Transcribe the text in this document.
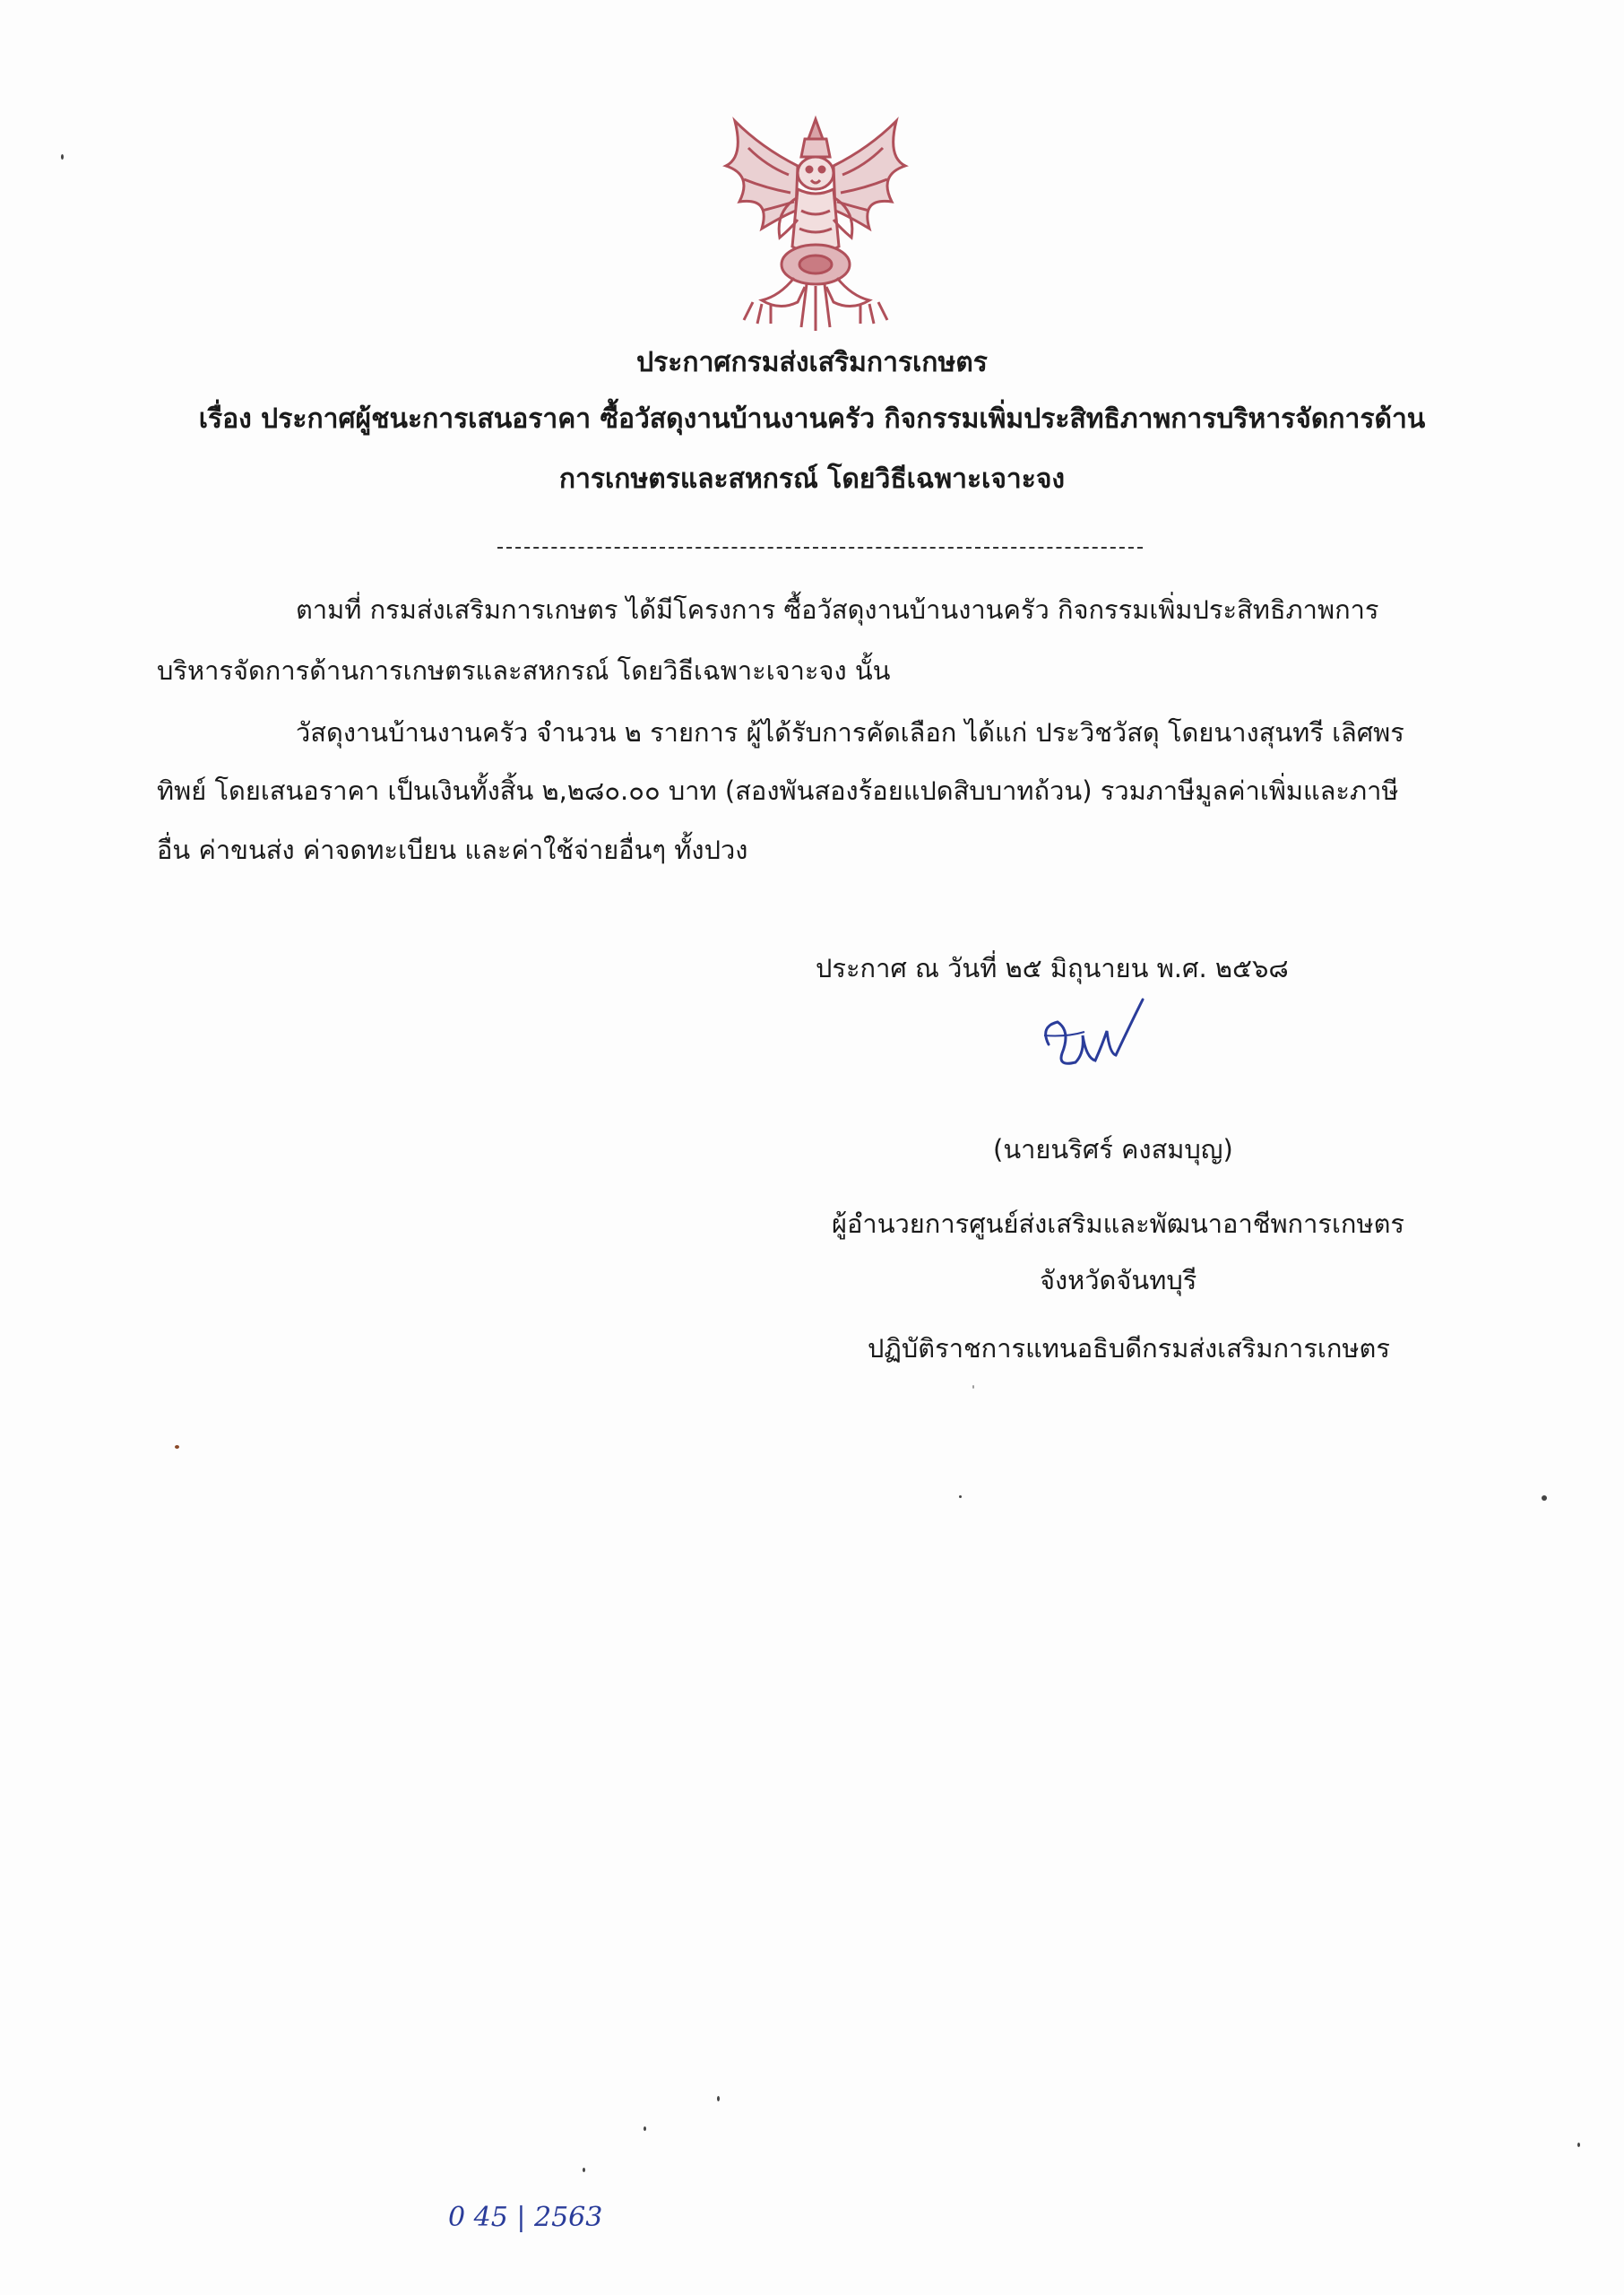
ประกาศกรมส่งเสริมการเกษตร
เรื่อง ประกาศผู้ชนะการเสนอราคา ซื้อวัสดุงานบ้านงานครัว กิจกรรมเพิ่มประสิทธิภาพการบริหารจัดการด้าน
การเกษตรและสหกรณ์ โดยวิธีเฉพาะเจาะจง
ตามที่ กรมส่งเสริมการเกษตร ได้มีโครงการ ซื้อวัสดุงานบ้านงานครัว กิจกรรมเพิ่มประสิทธิภาพการ
บริหารจัดการด้านการเกษตรและสหกรณ์ โดยวิธีเฉพาะเจาะจง นั้น
วัสดุงานบ้านงานครัว จำนวน ๒ รายการ ผู้ได้รับการคัดเลือก ได้แก่ ประวิชวัสดุ โดยนางสุนทรี เลิศพร
ทิพย์ โดยเสนอราคา เป็นเงินทั้งสิ้น ๒,๒๘๐.๐๐ บาท (สองพันสองร้อยแปดสิบบาทถ้วน) รวมภาษีมูลค่าเพิ่มและภาษี
อื่น ค่าขนส่ง ค่าจดทะเบียน และค่าใช้จ่ายอื่นๆ ทั้งปวง
ประกาศ ณ วันที่ ๒๕ มิถุนายน พ.ศ. ๒๕๖๘
(นายนริศร์ คงสมบุญ)
ผู้อำนวยการศูนย์ส่งเสริมและพัฒนาอาชีพการเกษตร
จังหวัดจันทบุรี
ปฏิบัติราชการแทนอธิบดีกรมส่งเสริมการเกษตร
0 45 | 2563
